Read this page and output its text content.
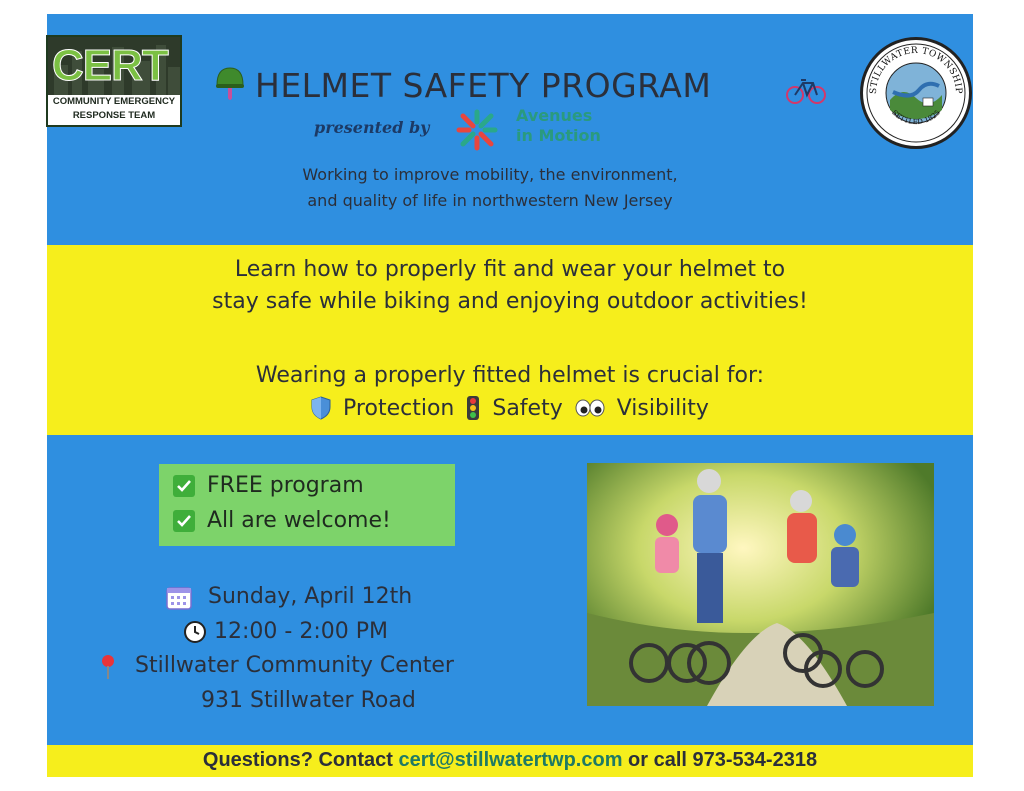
CERT
COMMUNITY EMERGENCY
RESPONSE TEAM
HELMET SAFETY PROGRAM
presented by
Avenues
in Motion
Working to improve mobility, the environment,
and quality of life in northwestern New Jersey
STILLWATER TOWNSHIP
SETTLED 1825
Learn how to properly fit and wear your helmet to
stay safe while biking and enjoying outdoor activities!
Wearing a properly fitted helmet is crucial for:
Protection Safety Visibility
FREE program
All are welcome!
Sunday, April 12th
12:00 - 2:00 PM
Stillwater Community Center
931 Stillwater Road
Questions? Contact cert@stillwatertwp.com or call 973-534-2318
